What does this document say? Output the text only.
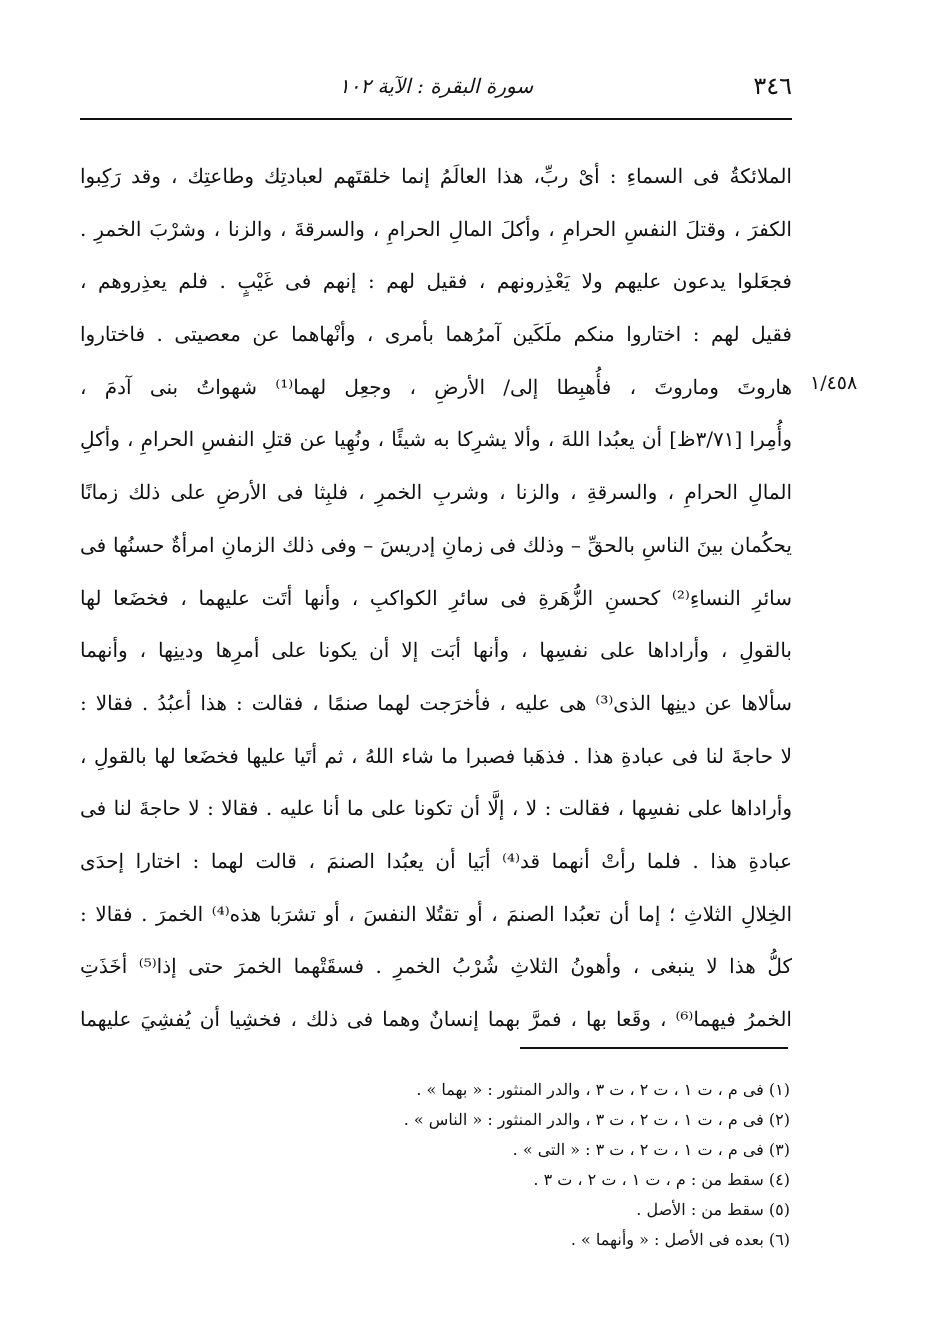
٣٤٦
سورة البقرة : الآية ١٠٢
١/٤٥٨
الملائكةُ فى السماءِ : أىْ ربِّ، هذا العالَمُ إنما خلقتَهم لعبادتِك وطاعتِك ، وقد رَكِبوا
الكفرَ ، وقتلَ النفسِ الحرامِ ، وأكلَ المالِ الحرامِ ، والسرقةَ ، والزنا ، وشرْبَ الخمرِ .
فجعَلوا يدعون عليهم ولا يَعْذِرونهم ، فقيل لهم : إنهم فى غَيْبٍ . فلم يعذِروهم ،
فقيل لهم : اختاروا منكم ملَكَين آمرُهما بأمرى ، وأنْهاهما عن معصيتى . فاختاروا
هاروتَ وماروتَ ، فأُهبِطا إلى/ الأرضِ ، وجعِل لهما⁽¹⁾ شهواتُ بنى آدمَ ،
وأُمِرا [٣/٧١ظ] أن يعبُدا اللهَ ، وألا يشرِكا به شيئًا ، ونُهِيا عن قتلِ النفسِ الحرامِ ، وأكلِ
المالِ الحرامِ ، والسرقةِ ، والزنا ، وشربِ الخمرِ ، فلبِثا فى الأرضِ على ذلك زمانًا
يحكُمان بينَ الناسِ بالحقِّ – وذلك فى زمانِ إدريسَ – وفى ذلك الزمانِ امرأةٌ حسنُها فى
سائرِ النساءِ⁽²⁾ كحسنِ الزُّهَرةِ فى سائرِ الكواكبِ ، وأنها أتَت عليهما ، فخضَعا لها
بالقولِ ، وأراداها على نفسِها ، وأنها أبَت إلا أن يكونا على أمرِها ودينِها ، وأنهما
سألاها عن دينِها الذى⁽³⁾ هى عليه ، فأخرَجت لهما صنمًا ، فقالت : هذا أعبُدُ . فقالا :
لا حاجةَ لنا فى عبادةِ هذا . فذهَبا فصبرا ما شاء اللهُ ، ثم أتَيا عليها فخضَعا لها بالقولِ ،
وأراداها على نفسِها ، فقالت : لا ، إلَّا أن تكونا على ما أنا عليه . فقالا : لا حاجةَ لنا فى
عبادةِ هذا . فلما رأتْ أنهما قد⁽⁴⁾ أبَيا أن يعبُدا الصنمَ ، قالت لهما : اختارا إحدَى
الخِلالِ الثلاثِ ؛ إما أن تعبُدا الصنمَ ، أو تقتُلا النفسَ ، أو تشرَبا هذه⁽⁴⁾ الخمرَ . فقالا :
كلُّ هذا لا ينبغى ، وأهونُ الثلاثِ شُرْبُ الخمرِ . فسقَتْهما الخمرَ حتى إذا⁽⁵⁾ أخَذَتِ
الخمرُ فيهما⁽⁶⁾ ، وقَعا بها ، فمرَّ بهما إنسانٌ وهما فى ذلك ، فخشِيا أن يُفشِيَ عليهما
(١) فى م ، ت ١ ، ت ٢ ، ت ٣ ، والدر المنثور : « بهما » .
(٢) فى م ، ت ١ ، ت ٢ ، ت ٣ ، والدر المنثور : « الناس » .
(٣) فى م ، ت ١ ، ت ٢ ، ت ٣ : « التى » .
(٤) سقط من : م ، ت ١ ، ت ٢ ، ت ٣ .
(٥) سقط من : الأصل .
(٦) بعده فى الأصل : « وأنهما » .
